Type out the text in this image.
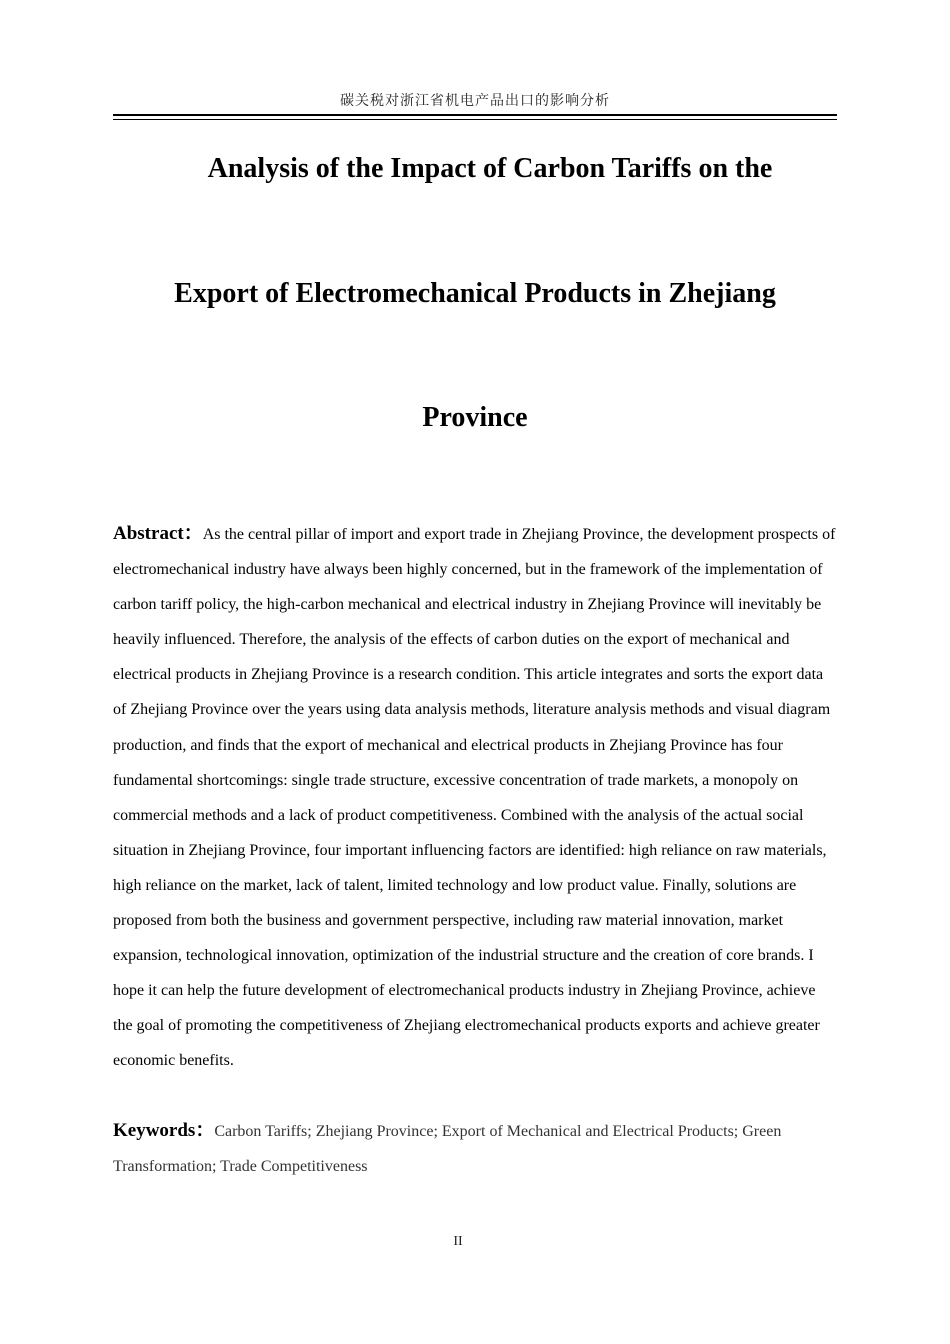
碳关税对浙江省机电产品出口的影响分析
Analysis of the Impact of Carbon Tariffs on the
Export of Electromechanical Products in Zhejiang
Province
Abstract：As the central pillar of import and export trade in Zhejiang Province, the development prospects of electromechanical industry have always been highly concerned, but in the framework of the implementation of carbon tariff policy, the high-carbon mechanical and electrical industry in Zhejiang Province will inevitably be heavily influenced. Therefore, the analysis of the effects of carbon duties on the export of mechanical and electrical products in Zhejiang Province is a research condition. This article integrates and sorts the export data of Zhejiang Province over the years using data analysis methods, literature analysis methods and visual diagram production, and finds that the export of mechanical and electrical products in Zhejiang Province has four fundamental shortcomings: single trade structure, excessive concentration of trade markets, a monopoly on commercial methods and a lack of product competitiveness. Combined with the analysis of the actual social situation in Zhejiang Province, four important influencing factors are identified: high reliance on raw materials, high reliance on the market, lack of talent, limited technology and low product value. Finally, solutions are proposed from both the business and government perspective, including raw material innovation, market expansion, technological innovation, optimization of the industrial structure and the creation of core brands. I hope it can help the future development of electromechanical products industry in Zhejiang Province, achieve the goal of promoting the competitiveness of Zhejiang electromechanical products exports and achieve greater economic benefits.
Keywords：Carbon Tariffs; Zhejiang Province; Export of Mechanical and Electrical Products; Green Transformation; Trade Competitiveness
II
